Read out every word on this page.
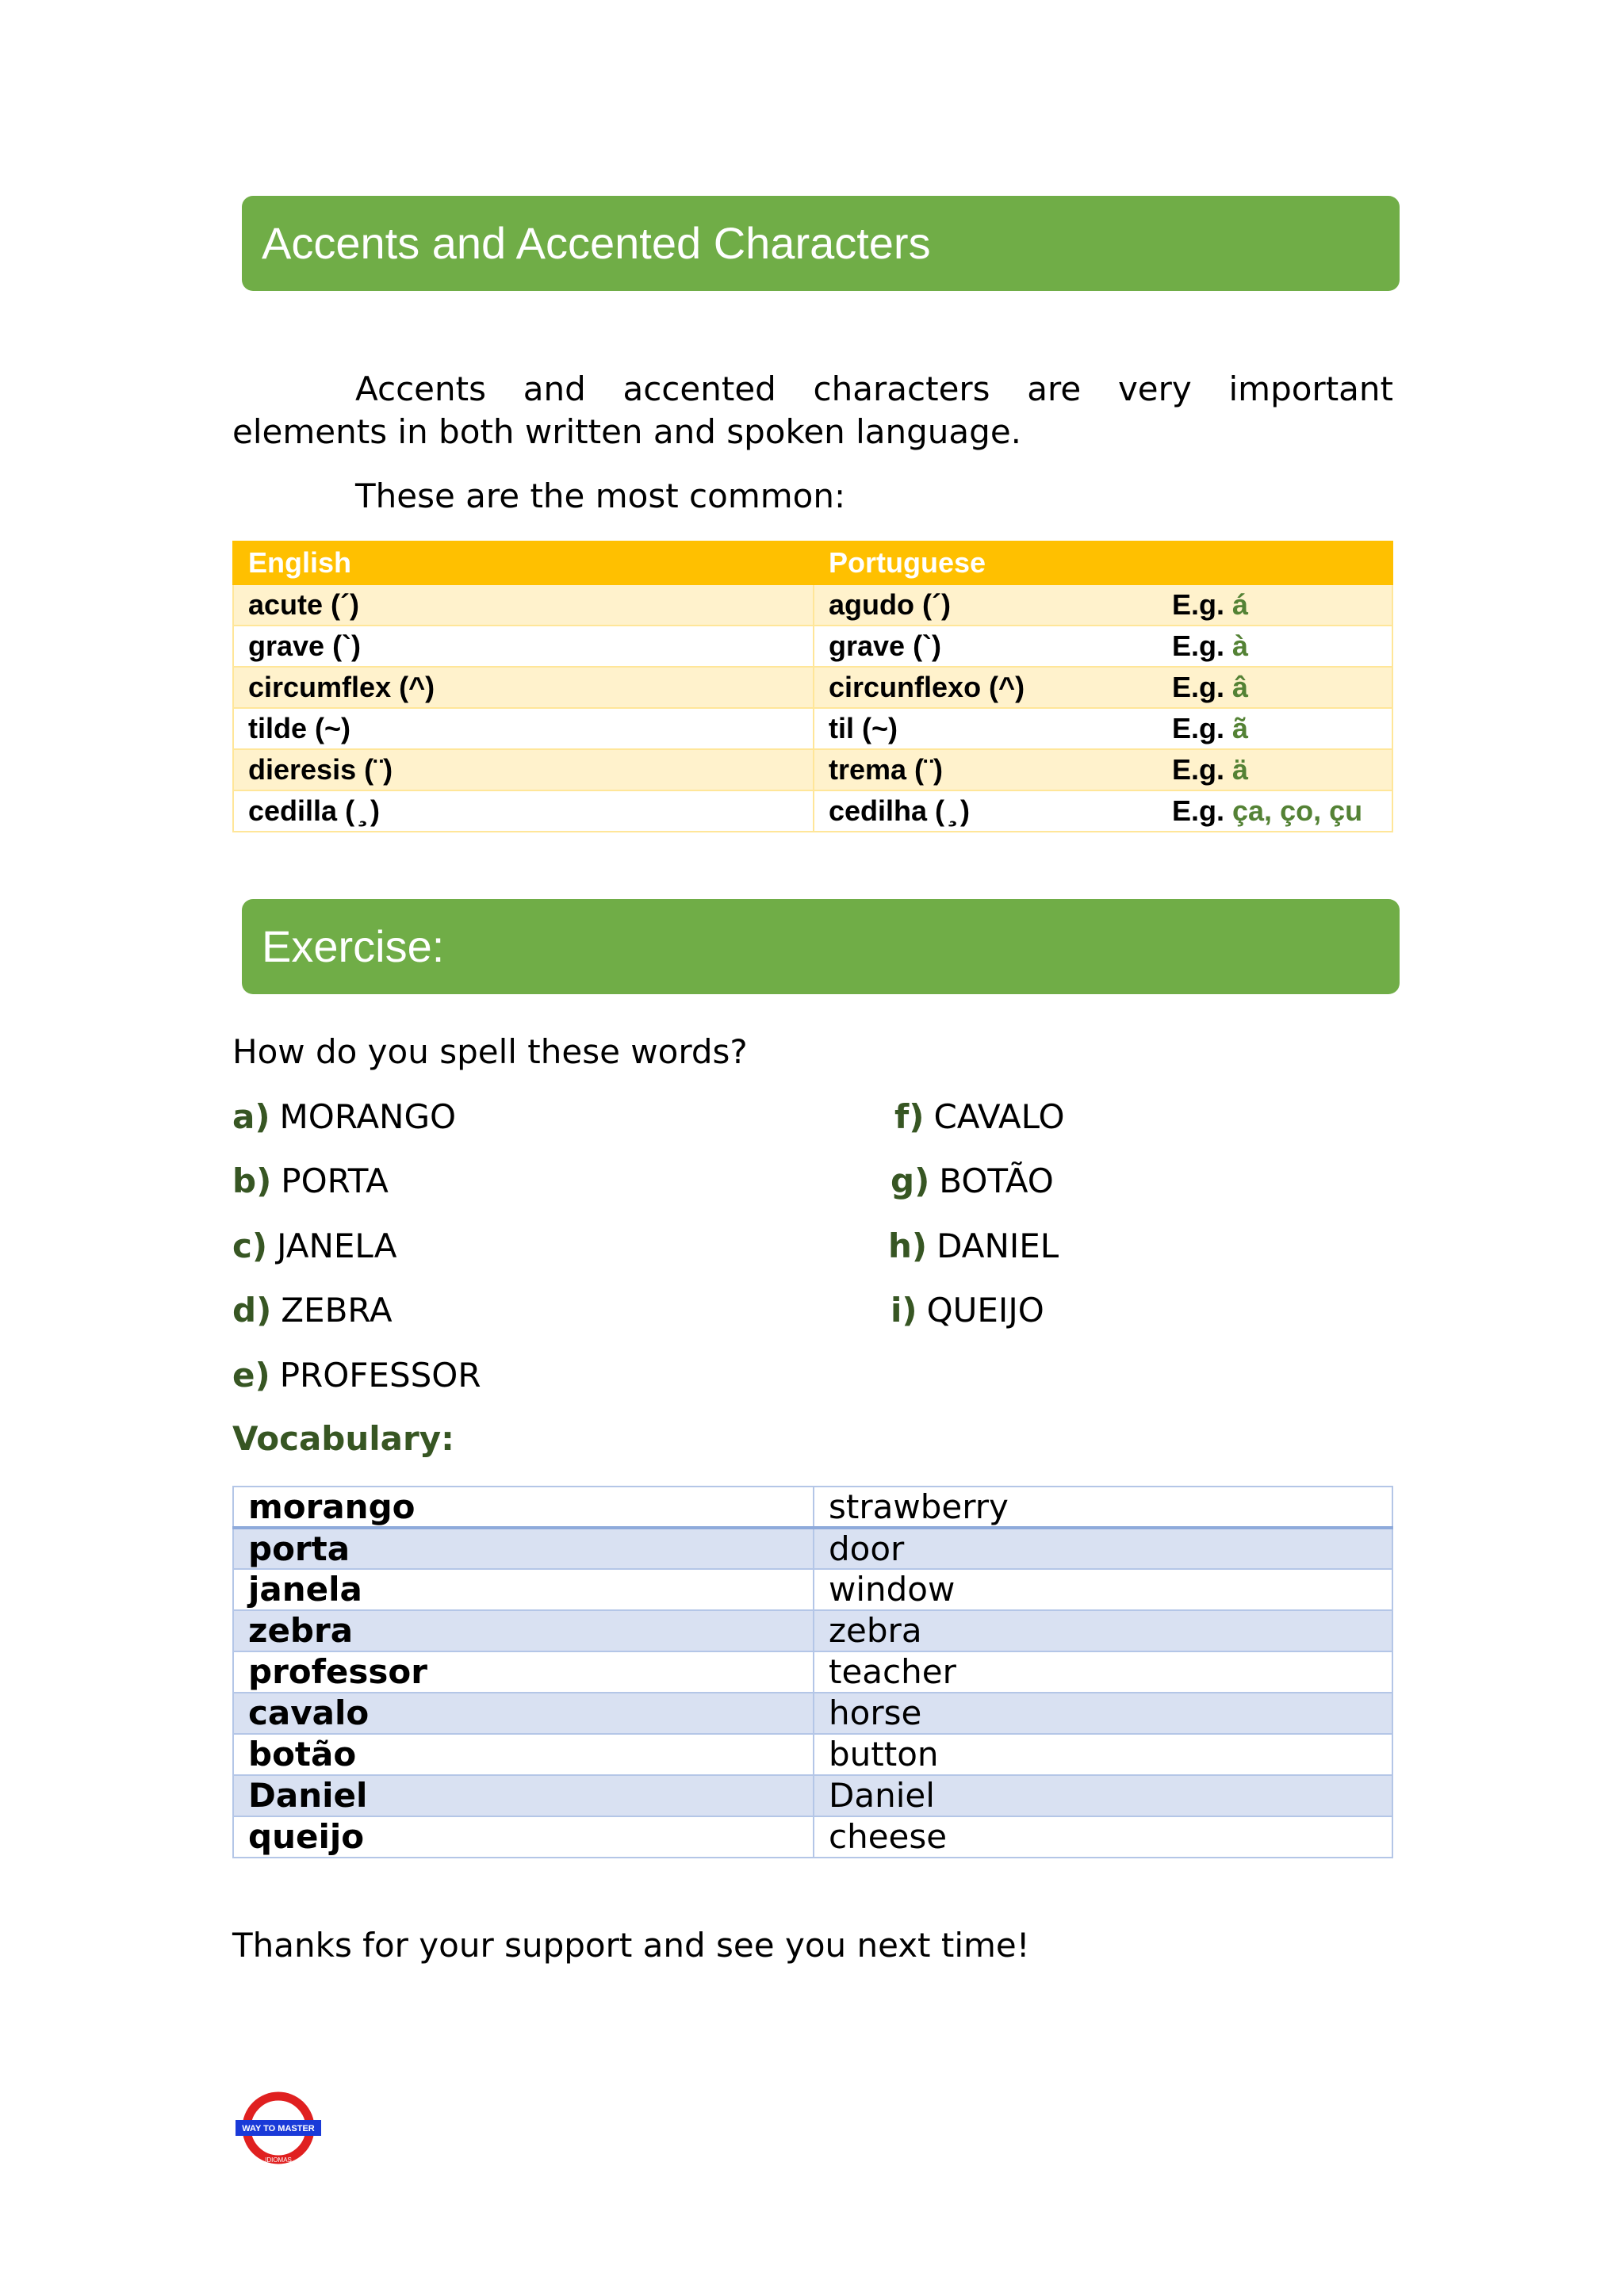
Accents and Accented Characters
Accents and accented characters are very important elements in both written and spoken language.
These are the most common:
English	Portuguese	
acute (´)	agudo (´)	E.g. á
grave (`)	grave (`)	E.g. à
circumflex (^)	circunflexo (^)	E.g. â
tilde (~)	til (~)	E.g. ã
dieresis (¨)	trema (¨)	E.g. ä
cedilla ( ̧ )	cedilha ( ̧ )	E.g. ça, ço, çu
Exercise:
How do you spell these words?
a) MORANGO
b) PORTA
c) JANELA
d) ZEBRA
e) PROFESSOR
f) CAVALO
g) BOTÃO
h) DANIEL
i) QUEIJO
Vocabulary:
morango	strawberry
porta	door
janela	window
zebra	zebra
professor	teacher
cavalo	horse
botão	button
Daniel	Daniel
queijo	cheese
Thanks for your support and see you next time!
WAY TO MASTER
IDIOMAS
